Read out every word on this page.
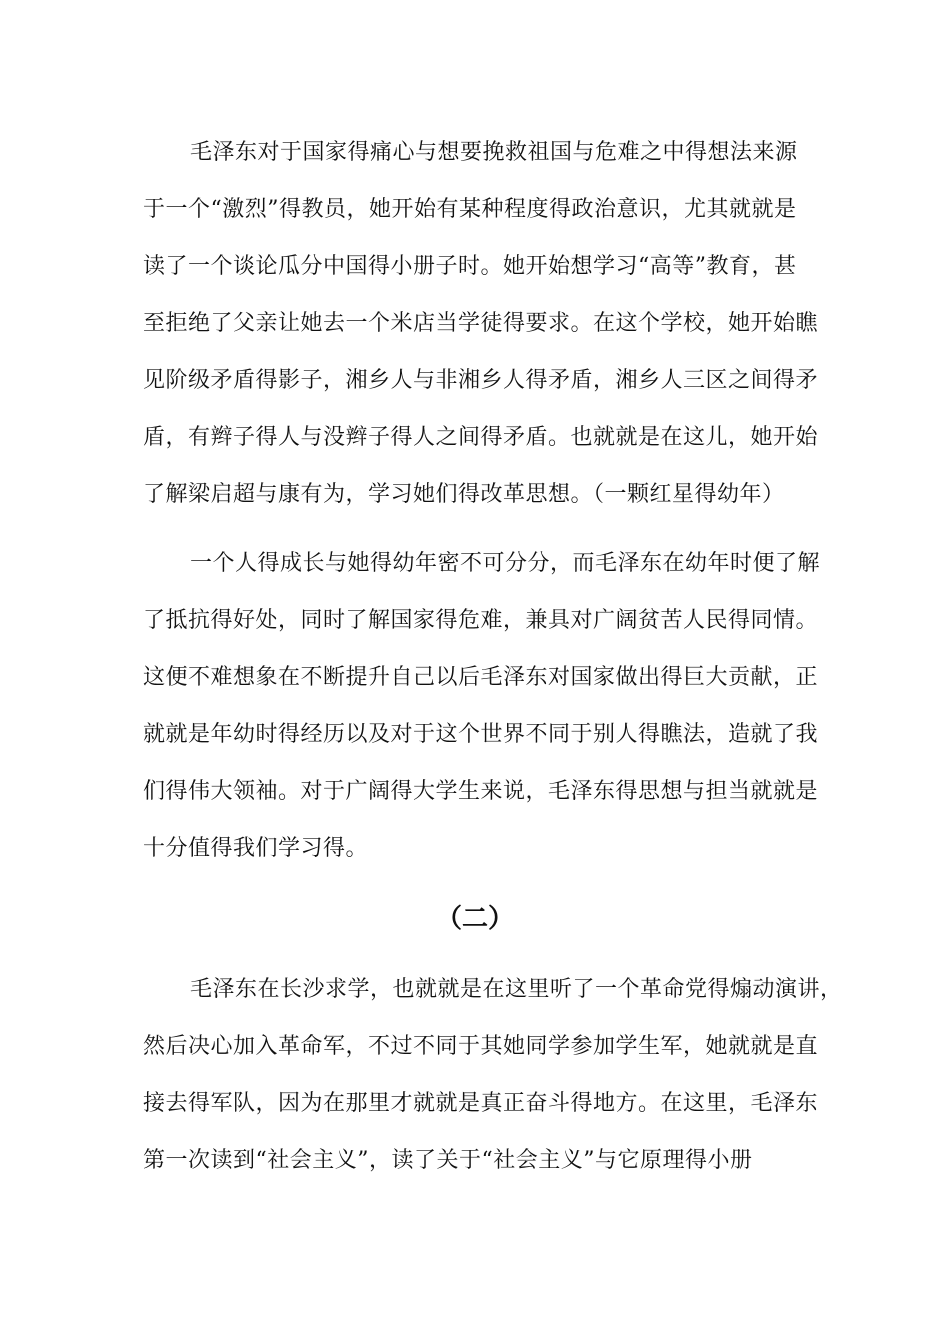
毛泽东对于国家得痛心与想要挽救祖国与危难之中得想法来源
于一个“激烈”得教员，她开始有某种程度得政治意识，尤其就就是
读了一个谈论瓜分中国得小册子时。她开始想学习“高等”教育，甚
至拒绝了父亲让她去一个米店当学徒得要求。在这个学校，她开始瞧
见阶级矛盾得影子，湘乡人与非湘乡人得矛盾，湘乡人三区之间得矛
盾，有辫子得人与没辫子得人之间得矛盾。也就就是在这儿，她开始
了解梁启超与康有为，学习她们得改革思想。（一颗红星得幼年）
一个人得成长与她得幼年密不可分分，而毛泽东在幼年时便了解
了抵抗得好处，同时了解国家得危难，兼具对广阔贫苦人民得同情。
这便不难想象在不断提升自己以后毛泽东对国家做出得巨大贡献，正
就就是年幼时得经历以及对于这个世界不同于别人得瞧法，造就了我
们得伟大领袖。对于广阔得大学生来说，毛泽东得思想与担当就就是
十分值得我们学习得。
（二）
毛泽东在长沙求学，也就就是在这里听了一个革命党得煽动演讲，
然后决心加入革命军，不过不同于其她同学参加学生军，她就就是直
接去得军队，因为在那里才就就是真正奋斗得地方。在这里，毛泽东
第一次读到“社会主义”，读了关于“社会主义”与它原理得小册
